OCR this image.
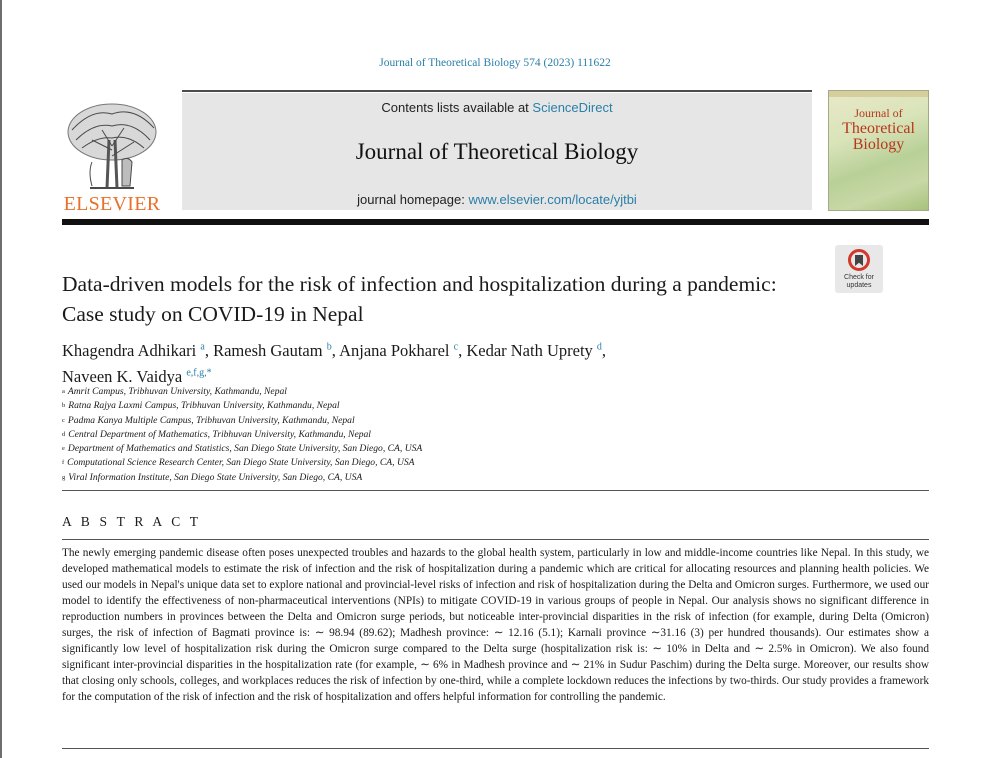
Journal of Theoretical Biology 574 (2023) 111622
ELSEVIER
Contents lists available at ScienceDirect
Journal of Theoretical Biology
journal homepage: www.elsevier.com/locate/yjtbi
Journal of
Theoretical
Biology
Check for
updates
Data-driven models for the risk of infection and hospitalization during a pandemic: Case study on COVID-19 in Nepal
Khagendra Adhikari $^a$, Ramesh Gautam $^b$, Anjana Pokharel $^c$, Kedar Nath Uprety $^d$,
Naveen K. Vaidya $^{e,f,g,*}$
$^a$ Amrit Campus, Tribhuvan University, Kathmandu, Nepal
$^b$ Ratna Rajya Laxmi Campus, Tribhuvan University, Kathmandu, Nepal
$^c$ Padma Kanya Multiple Campus, Tribhuvan University, Kathmandu, Nepal
$^d$ Central Department of Mathematics, Tribhuvan University, Kathmandu, Nepal
$^e$ Department of Mathematics and Statistics, San Diego State University, San Diego, CA, USA
$^f$ Computational Science Research Center, San Diego State University, San Diego, CA, USA
$^g$ Viral Information Institute, San Diego State University, San Diego, CA, USA
A B S T R A C T
The newly emerging pandemic disease often poses unexpected troubles and hazards to the global health system, particularly in low and middle-income countries like Nepal. In this study, we developed mathematical models to estimate the risk of infection and the risk of hospitalization during a pandemic which are critical for allocating resources and planning health policies. We used our models in Nepal's unique data set to explore national and provincial-level risks of infection and risk of hospitalization during the Delta and Omicron surges. Furthermore, we used our model to identify the effectiveness of non-pharmaceutical interventions (NPIs) to mitigate COVID-19 in various groups of people in Nepal. Our analysis shows no significant difference in reproduction numbers in provinces between the Delta and Omicron surge periods, but noticeable inter-provincial disparities in the risk of infection (for example, during Delta (Omicron) surges, the risk of infection of Bagmati province is: ∼ 98.94 (89.62); Madhesh province: ∼ 12.16 (5.1); Karnali province ∼31.16 (3) per hundred thousands). Our estimates show a significantly low level of hospitalization risk during the Omicron surge compared to the Delta surge (hospitalization risk is: ∼ 10% in Delta and ∼ 2.5% in Omicron). We also found significant inter-provincial disparities in the hospitalization rate (for example, ∼ 6% in Madhesh province and ∼ 21% in Sudur Paschim) during the Delta surge. Moreover, our results show that closing only schools, colleges, and workplaces reduces the risk of infection by one-third, while a complete lockdown reduces the infections by two-thirds. Our study provides a framework for the computation of the risk of infection and the risk of hospitalization and offers helpful information for controlling the pandemic.
